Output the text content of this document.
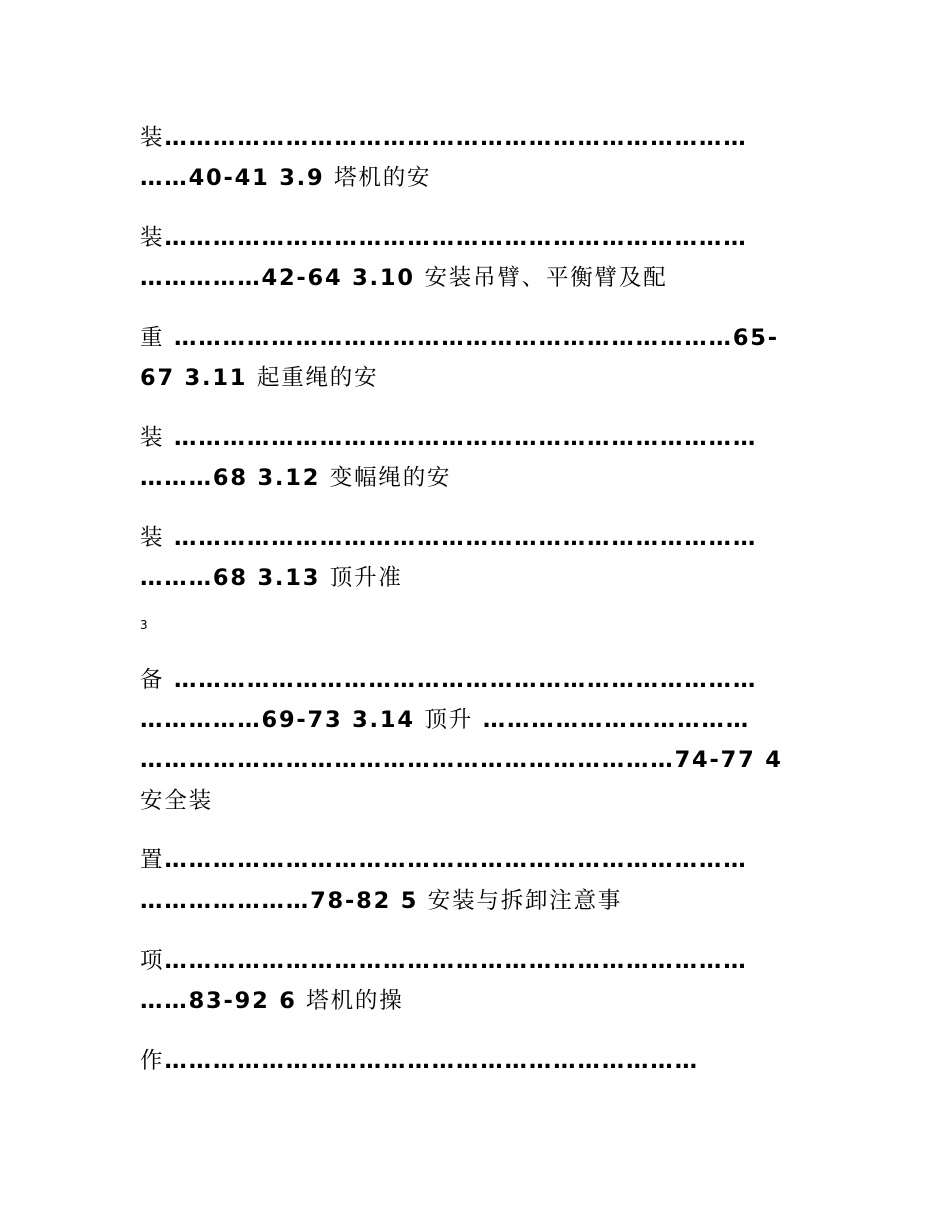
装………………………………………………………………
……40-41 3.9 塔机的安
装………………………………………………………………
……………42-64 3.10 安装吊臂、平衡臂及配
重 ……………………………………………………………65-
67 3.11 起重绳的安
装 ………………………………………………………………
………68 3.12 变幅绳的安
装 ………………………………………………………………
………68 3.13 顶升准
3
备 ………………………………………………………………
……………69-73 3.14 顶升 ……………………………
…………………………………………………………74-77 4
安全装
置………………………………………………………………
…………………78-82 5 安装与拆卸注意事
项………………………………………………………………
……83-92 6 塔机的操
作…………………………………………………………
